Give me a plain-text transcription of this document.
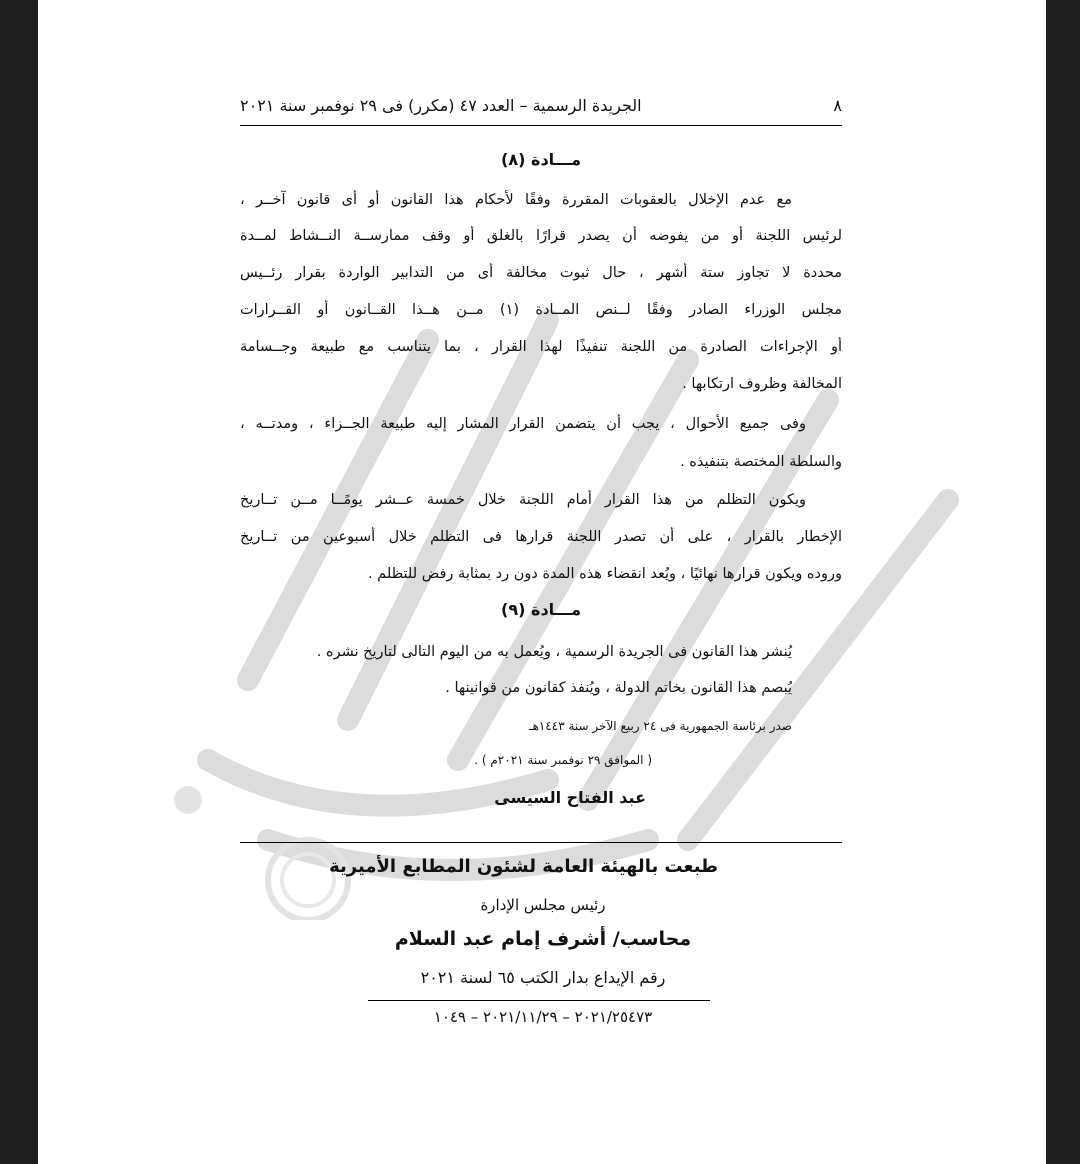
٨
الجريدة الرسمية – العدد ٤٧ (مكرر) فى ٢٩ نوفمبر سنة ٢٠٢١
مـــادة (٨)
مع عدم الإخلال بالعقوبات المقررة وفقًا لأحكام هذا القانون أو أى قانون آخــر ،
لرئيس اللجنة أو من يفوضه أن يصدر قرارًا بالغلق أو وقف ممارســة النــشاط لمــدة
محددة لا تجاوز ستة أشهر ، حال ثبوت مخالفة أى من التدابير الواردة بقرار رئــيس
مجلس الوزراء الصادر وفقًا لــنص المــادة (١) مــن هــذا القــانون أو القــرارات
أو الإجراءات الصادرة من اللجنة تنفيذًا لهذا القرار ، بما يتناسب مع طبيعة وجــسامة
المخالفة وظروف ارتكابها .
وفى جميع الأحوال ، يجب أن يتضمن القرار المشار إليه طبيعة الجــزاء ، ومدتــه ،
والسلطة المختصة بتنفيذه .
ويكون التظلم من هذا القرار أمام اللجنة خلال خمسة عــشر يومًــا مــن تــاريخ
الإخطار بالقرار ، على أن تصدر اللجنة قرارها فى التظلم خلال أسبوعين من تــاريخ
وروده ويكون قرارها نهائيًا ، ويُعد انقضاء هذه المدة دون رد بمثابة رفض للتظلم .
مـــادة (٩)
يُنشر هذا القانون فى الجريدة الرسمية ، ويُعمل به من اليوم التالى لتاريخ نشره .
يُبصم هذا القانون بخاتم الدولة ، ويُنفذ كقانون من قوانينها .
صدر برئاسة الجمهورية فى ٢٤ ربيع الآخر سنة ١٤٤٣هـ
( الموافق ٢٩ نوفمبر سنة ٢٠٢١م ) .
عبد الفتاح السيسى
طبعت بالهيئة العامة لشئون المطابع الأميرية
رئيس مجلس الإدارة
محاسب/ أشرف إمام عبد السلام
رقم الإيداع بدار الكتب ٦٥ لسنة ٢٠٢١
٢٠٢١/٢٥٤٧٣ – ٢٠٢١/١١/٢٩ – ١٠٤٩
